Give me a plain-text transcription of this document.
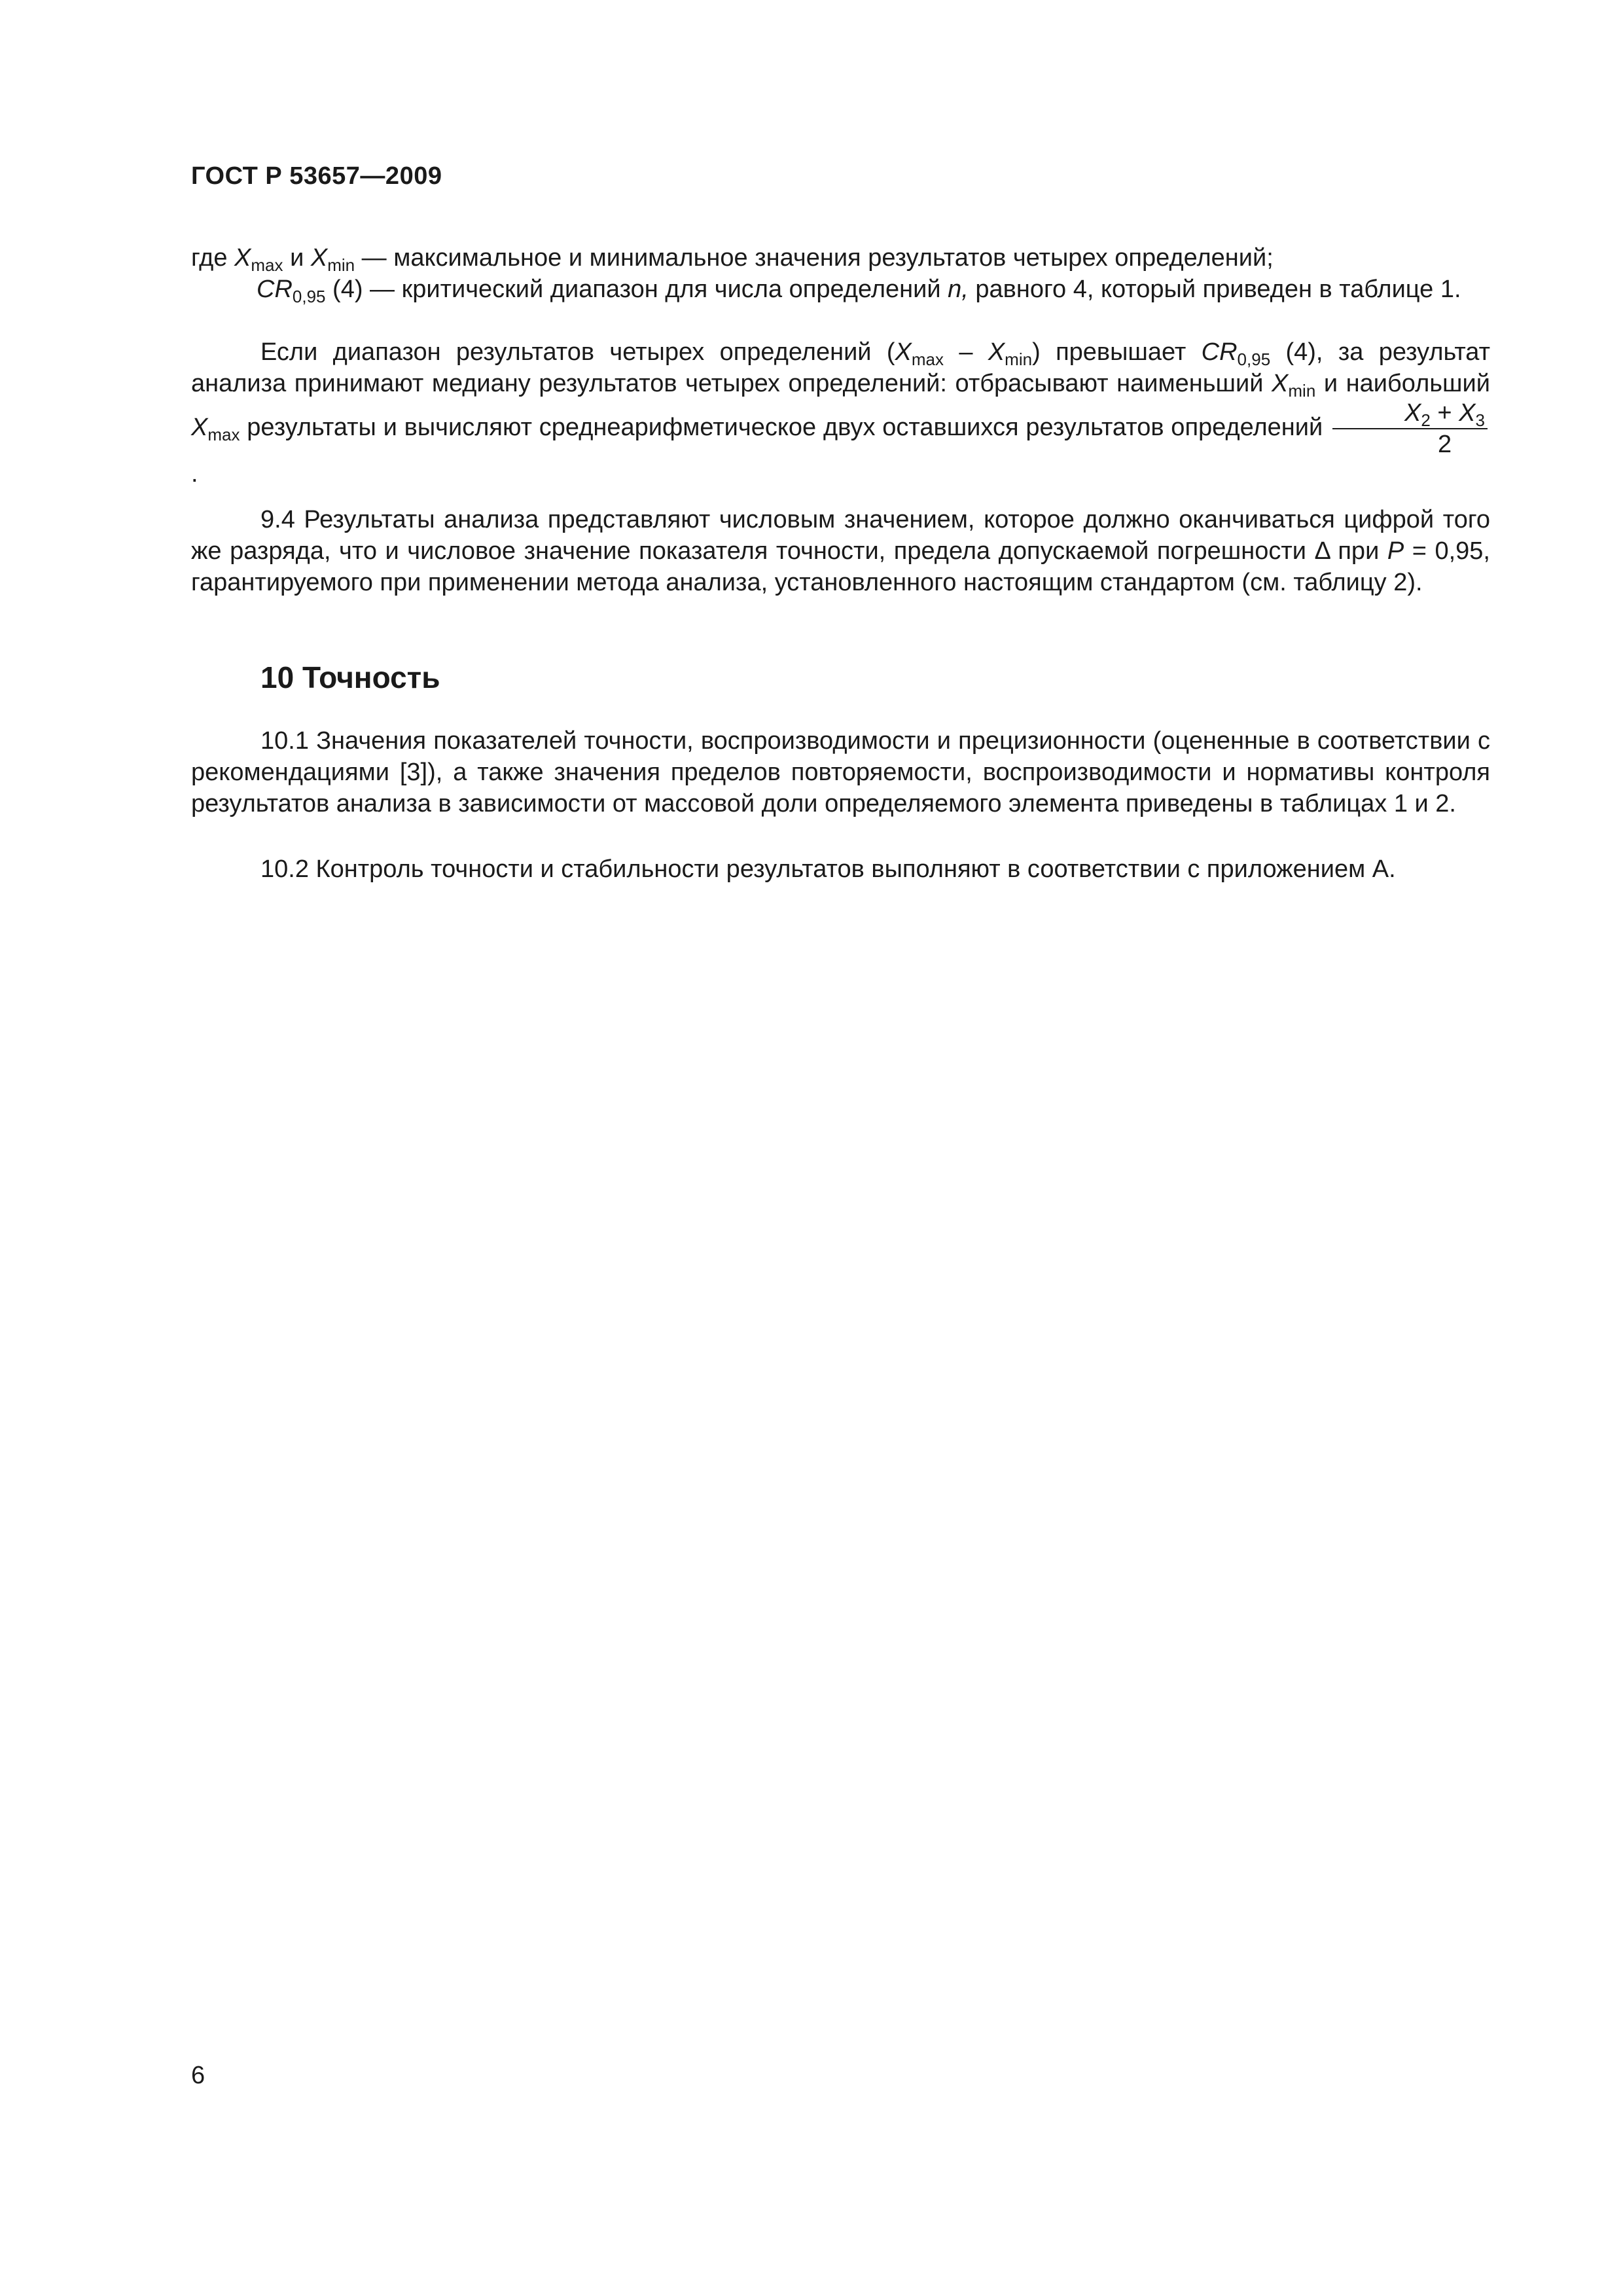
ГОСТ Р 53657—2009
где $X_{max}$ и $X_{min}$ — максимальное и минимальное значения результатов четырех определений;
$CR_{0,95}$ (4) — критический диапазон для числа определений n, равного 4, который приведен в таблице 1.

Если диапазон результатов четырех определений $(X_{max} - X_{min})$ превышает $CR_{0,95}$ (4), за результат анализа принимают медиану результатов четырех определений: отбрасывают наименьший $X_{min}$ и наибольший $X_{max}$ результаты и вычисляют среднеарифметическое двух оставшихся результатов определений $\frac{X_2 + X_3}{2}$
.

9.4 Результаты анализа представляют числовым значением, которое должно оканчиваться цифрой того же разряда, что и числовое значение показателя точности, предела допускаемой погрешности Δ при P = 0,95, гарантируемого при применении метода анализа, установленного настоящим стандартом (см. таблицу 2).

10 Точность

10.1 Значения показателей точности, воспроизводимости и прецизионности (оцененные в соответствии с рекомендациями [3]), а также значения пределов повторяемости, воспроизводимости и нормативы контроля результатов анализа в зависимости от массовой доли определяемого элемента приведены в таблицах 1 и 2.

10.2 Контроль точности и стабильности результатов выполняют в соответствии с приложением А.

6
